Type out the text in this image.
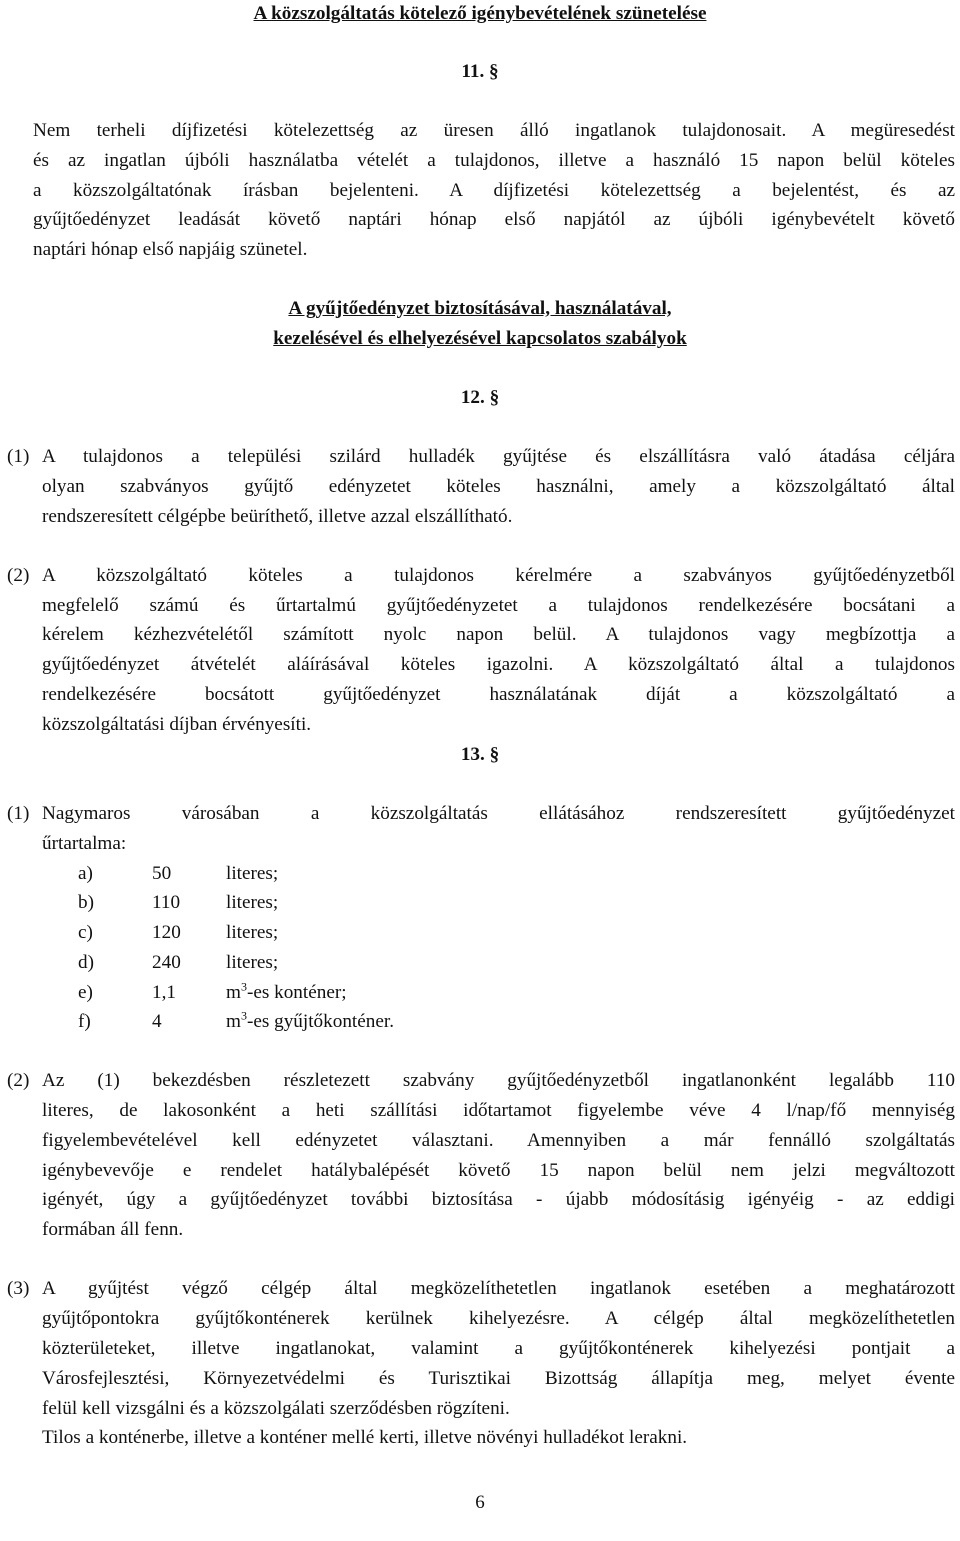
A közszolgáltatás kötelező igénybevételének szünetelése
11. §
Nem terheli díjfizetési kötelezettség az üresen álló ingatlanok tulajdonosait. A megüresedést
és az ingatlan újbóli használatba vételét a tulajdonos, illetve a használó 15 napon belül köteles
a közszolgáltatónak írásban bejelenteni. A díjfizetési kötelezettség a bejelentést, és az
gyűjtőedényzet leadását követő naptári hónap első napjától az újbóli igénybevételt követő
naptári hónap első napjáig szünetel.
A gyűjtőedényzet biztosításával, használatával,
kezelésével és elhelyezésével kapcsolatos szabályok
12. §
(1) A tulajdonos a települési szilárd hulladék gyűjtése és elszállításra való átadása céljára
olyan szabványos gyűjtő edényzetet köteles használni, amely a közszolgáltató által
rendszeresített célgépbe beüríthető, illetve azzal elszállítható.
(2) A közszolgáltató köteles a tulajdonos kérelmére a szabványos gyűjtőedényzetből
megfelelő számú és űrtartalmú gyűjtőedényzetet a tulajdonos rendelkezésére bocsátani a
kérelem kézhezvételétől számított nyolc napon belül. A tulajdonos vagy megbízottja a
gyűjtőedényzet átvételét aláírásával köteles igazolni. A közszolgáltató által a tulajdonos
rendelkezésére bocsátott gyűjtőedényzet használatának díját a közszolgáltató a
közszolgáltatási díjban érvényesíti.
13. §
(1) Nagymaros városában a közszolgáltatás ellátásához rendszeresített gyűjtőedényzet
űrtartalma:
a)	50	literes;
b)	110 literes;
c)	120 literes;
d)	240 literes;
e)	1,1	$m^3-es$ konténer;
f)	4	$m^3-es$ gyűjtőkonténer.
(2) Az (1) bekezdésben részletezett szabvány gyűjtőedényzetből ingatlanonként legalább 110
literes, de lakosonként a heti szállítási időtartamot figyelembe véve 4 l/nap/fő mennyiség
figyelembevételével kell edényzetet választani. Amennyiben a már fennálló szolgáltatás
igénybevevője e rendelet hatálybalépését követő 15 napon belül nem jelzi megváltozott
igényét, úgy a gyűjtőedényzet további biztosítása - újabb módosításig igényéig - az eddigi
formában áll fenn.
(3) A gyűjtést végző célgép által megközelíthetetlen ingatlanok esetében a meghatározott
gyűjtőpontokra gyűjtőkonténerek kerülnek kihelyezésre. A célgép által megközelíthetetlen
közterületeket, illetve ingatlanokat, valamint a gyűjtőkonténerek kihelyezési pontjait a
Városfejlesztési, Környezetvédelmi és Turisztikai Bizottság állapítja meg, melyet évente
felül kell vizsgálni és a közszolgálati szerződésben rögzíteni.
Tilos a konténerbe, illetve a konténer mellé kerti, illetve növényi hulladékot lerakni.
6
